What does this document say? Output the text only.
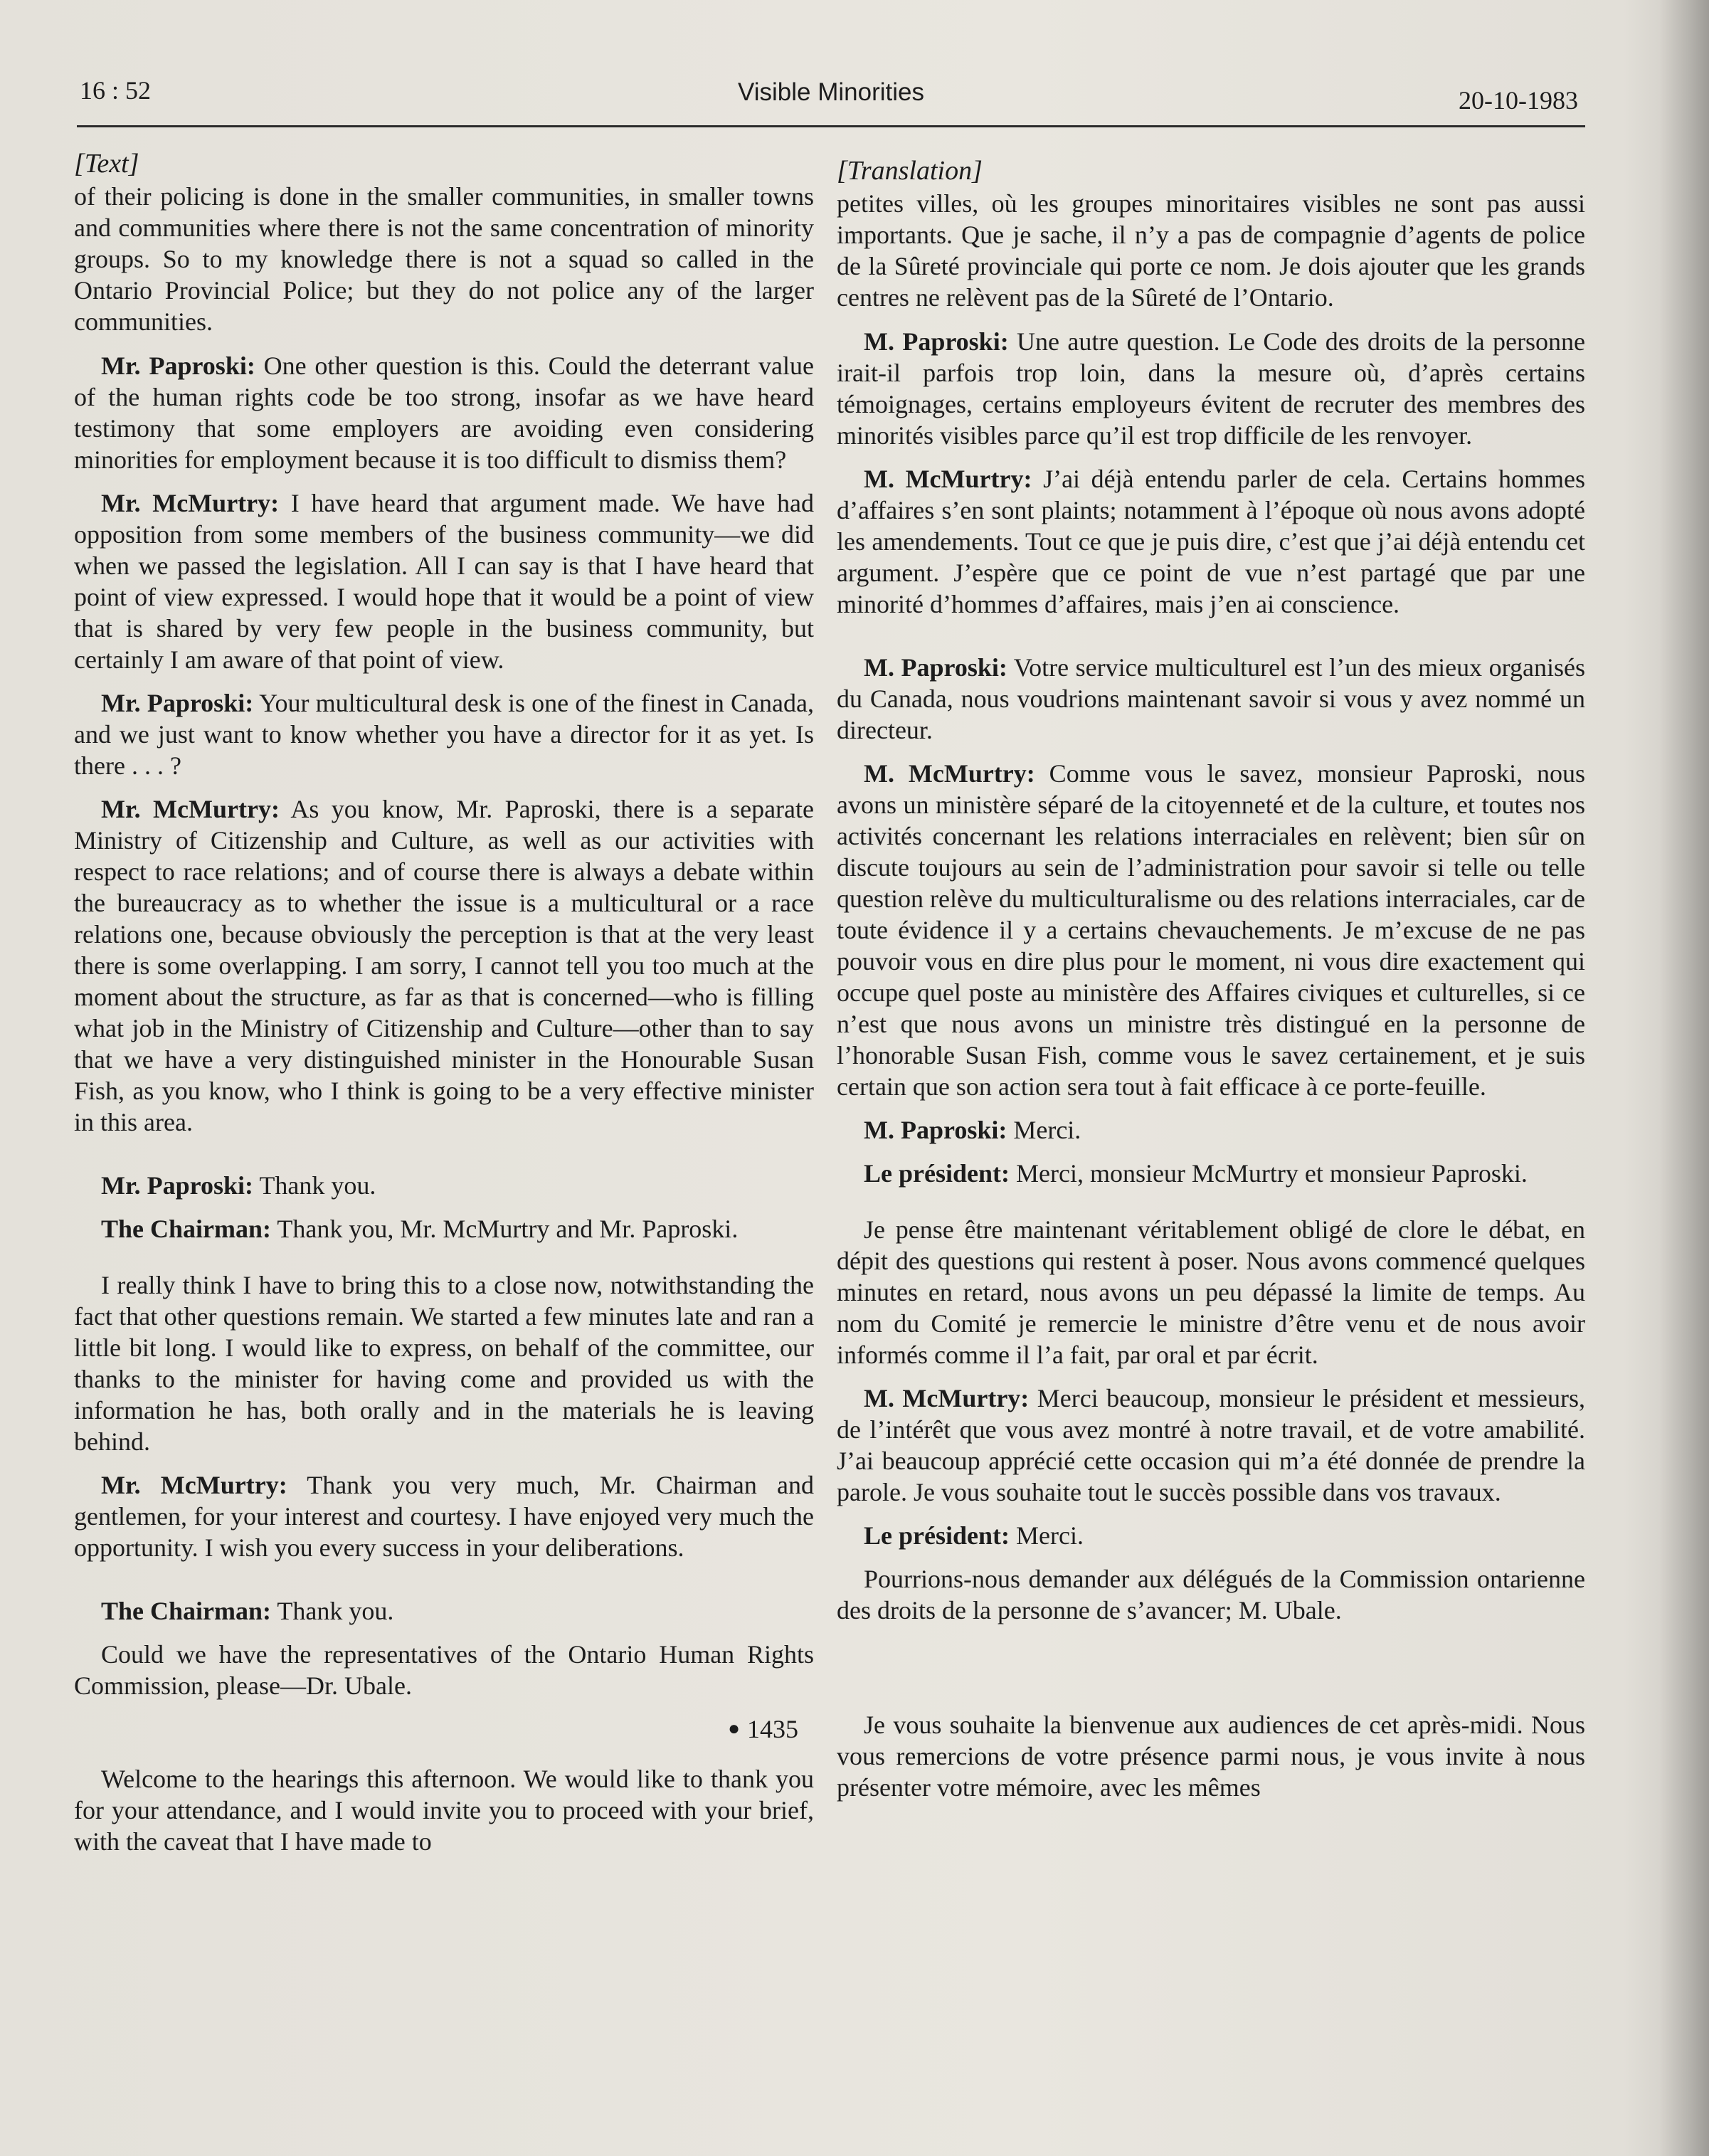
16 : 52	Visible Minorities	20-10-1983
[Text]

of their policing is done in the smaller communities, in smaller towns and communities where there is not the same concentration of minority groups. So to my knowledge there is not a squad so called in the Ontario Provincial Police; but they do not police any of the larger communities.

Mr. Paproski: One other question is this. Could the deterrant value of the human rights code be too strong, insofar as we have heard testimony that some employers are avoiding even considering minorities for employment because it is too difficult to dismiss them?

Mr. McMurtry: I have heard that argument made. We have had opposition from some members of the business community—we did when we passed the legislation. All I can say is that I have heard that point of view expressed. I would hope that it would be a point of view that is shared by very few people in the business community, but certainly I am aware of that point of view.

Mr. Paproski: Your multicultural desk is one of the finest in Canada, and we just want to know whether you have a director for it as yet. Is there . . . ?

Mr. McMurtry: As you know, Mr. Paproski, there is a separate Ministry of Citizenship and Culture, as well as our activities with respect to race relations; and of course there is always a debate within the bureaucracy as to whether the issue is a multicultural or a race relations one, because obviously the perception is that at the very least there is some overlapping. I am sorry, I cannot tell you too much at the moment about the structure, as far as that is concerned—who is filling what job in the Ministry of Citizenship and Culture—other than to say that we have a very distinguished minister in the Honourable Susan Fish, as you know, who I think is going to be a very effective minister in this area.

Mr. Paproski: Thank you.

The Chairman: Thank you, Mr. McMurtry and Mr. Paproski.

I really think I have to bring this to a close now, notwithstanding the fact that other questions remain. We started a few minutes late and ran a little bit long. I would like to express, on behalf of the committee, our thanks to the minister for having come and provided us with the information he has, both orally and in the materials he is leaving behind.

Mr. McMurtry: Thank you very much, Mr. Chairman and gentlemen, for your interest and courtesy. I have enjoyed very much the opportunity. I wish you every success in your deliberations.

The Chairman: Thank you.

Could we have the representatives of the Ontario Human Rights Commission, please—Dr. Ubale.

● 1435

Welcome to the hearings this afternoon. We would like to thank you for your attendance, and I would invite you to proceed with your brief, with the caveat that I have made to

[Translation]

petites villes, où les groupes minoritaires visibles ne sont pas aussi importants. Que je sache, il n’y a pas de compagnie d’agents de police de la Sûreté provinciale qui porte ce nom. Je dois ajouter que les grands centres ne relèvent pas de la Sûreté de l’Ontario.

M. Paproski: Une autre question. Le Code des droits de la personne irait-il parfois trop loin, dans la mesure où, d’après certains témoignages, certains employeurs évitent de recruter des membres des minorités visibles parce qu’il est trop difficile de les renvoyer.

M. McMurtry: J’ai déjà entendu parler de cela. Certains hommes d’affaires s’en sont plaints; notamment à l’époque où nous avons adopté les amendements. Tout ce que je puis dire, c’est que j’ai déjà entendu cet argument. J’espère que ce point de vue n’est partagé que par une minorité d’hommes d’affaires, mais j’en ai conscience.

M. Paproski: Votre service multiculturel est l’un des mieux organisés du Canada, nous voudrions maintenant savoir si vous y avez nommé un directeur.

M. McMurtry: Comme vous le savez, monsieur Paproski, nous avons un ministère séparé de la citoyenneté et de la culture, et toutes nos activités concernant les relations interraciales en relèvent; bien sûr on discute toujours au sein de l’administration pour savoir si telle ou telle question relève du multiculturalisme ou des relations interraciales, car de toute évidence il y a certains chevauchements. Je m’excuse de ne pas pouvoir vous en dire plus pour le moment, ni vous dire exactement qui occupe quel poste au ministère des Affaires civiques et culturelles, si ce n’est que nous avons un ministre très distingué en la personne de l’honorable Susan Fish, comme vous le savez certainement, et je suis certain que son action sera tout à fait efficace à ce porte-feuille.

M. Paproski: Merci.

Le président: Merci, monsieur McMurtry et monsieur Paproski.

Je pense être maintenant véritablement obligé de clore le débat, en dépit des questions qui restent à poser. Nous avons commencé quelques minutes en retard, nous avons un peu dépassé la limite de temps. Au nom du Comité je remercie le ministre d’être venu et de nous avoir informés comme il l’a fait, par oral et par écrit.

M. McMurtry: Merci beaucoup, monsieur le président et messieurs, de l’intérêt que vous avez montré à notre travail, et de votre amabilité. J’ai beaucoup apprécié cette occasion qui m’a été donnée de prendre la parole. Je vous souhaite tout le succès possible dans vos travaux.

Le président: Merci.

Pourrions-nous demander aux délégués de la Commission ontarienne des droits de la personne de s’avancer; M. Ubale.

Je vous souhaite la bienvenue aux audiences de cet après-midi. Nous vous remercions de votre présence parmi nous, je vous invite à nous présenter votre mémoire, avec les mêmes
